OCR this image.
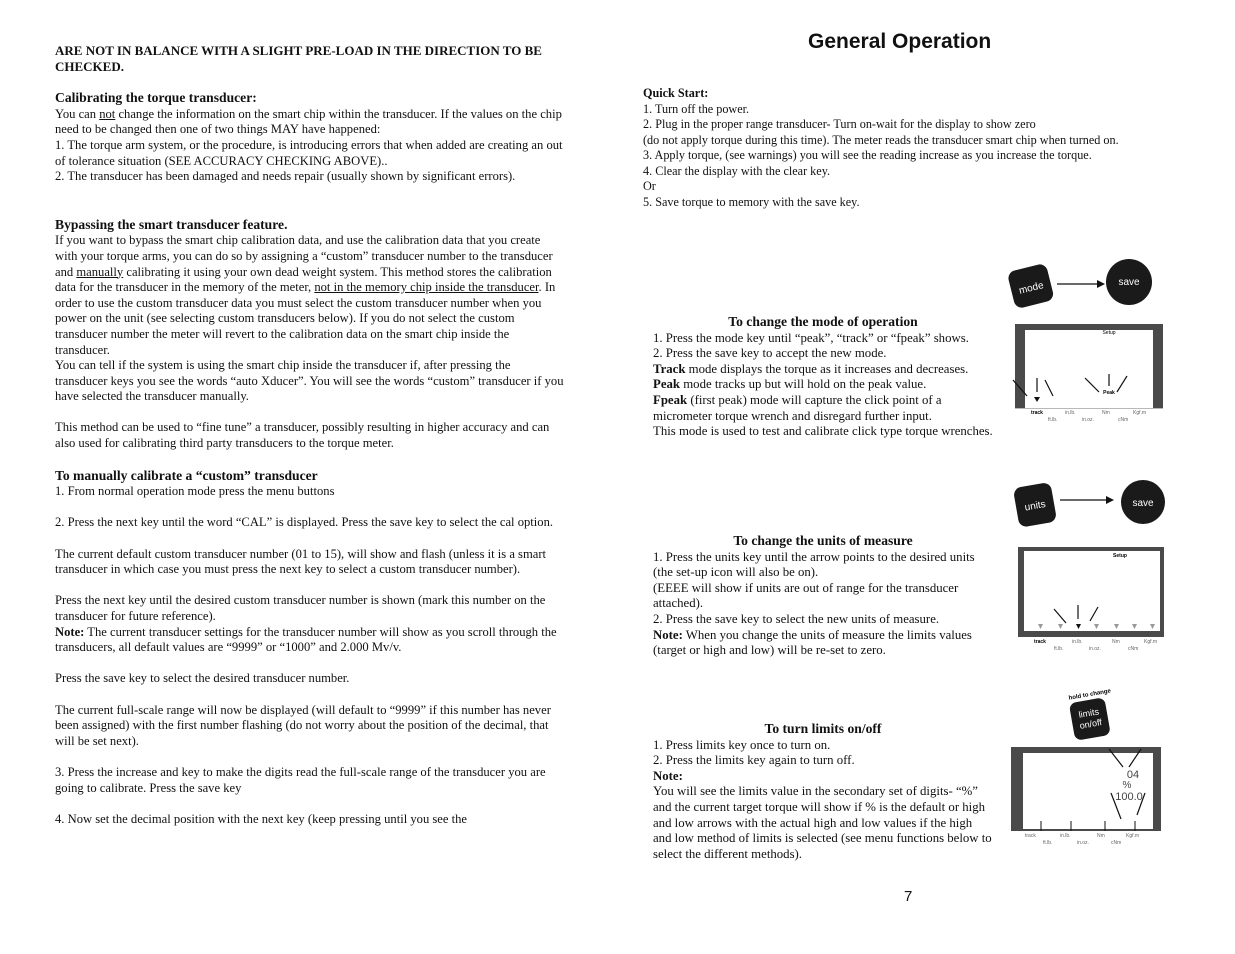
ARE NOT IN BALANCE WITH A SLIGHT PRE-LOAD IN THE DIRECTION TO BE CHECKED.

Calibrating the torque transducer:

You can not change the information on the smart chip within the transducer. If the values on the chip need to be changed then one of two things MAY have happened:

1. The torque arm system, or the procedure, is introducing errors that when added are creating an out of tolerance situation (SEE ACCURACY CHECKING ABOVE)..

2. The transducer has been damaged and needs repair (usually shown by significant errors).

Bypassing the smart transducer feature.

If you want to bypass the smart chip calibration data, and use the calibration data that you create with your torque arms, you can do so by assigning a “custom” transducer number to the transducer and manually calibrating it using your own dead weight system. This method stores the calibration data for the transducer in the memory of the meter, not in the memory chip inside the transducer. In order to use the custom transducer data you must select the custom transducer number when you power on the unit (see selecting custom transducers below). If you do not select the custom transducer number the meter will revert to the calibration data on the smart chip inside the transducer.

You can tell if the system is using the smart chip inside the transducer if, after pressing the transducer keys you see the words “auto Xducer”. You will see the words “custom” transducer if you have selected the transducer manually.

This method can be used to “fine tune” a transducer, possibly resulting in higher accuracy and can also used for calibrating third party transducers to the torque meter.

To manually calibrate a “custom” transducer

1. From normal operation mode press the menu buttons

2. Press the next key until the word “CAL” is displayed. Press the save key to select the cal option.

The current default custom transducer number (01 to 15), will show and flash (unless it is a smart transducer in which case you must press the next key to select a custom transducer number).

Press the next key until the desired custom transducer number is shown (mark this number on the transducer for future reference).

Note: The current transducer settings for the transducer number will show as you scroll through the transducers, all default values are “9999” or “1000” and 2.000 Mv/v.

Press the save key to select the desired transducer number.

The current full-scale range will now be displayed (will default to “9999” if this number has never been assigned) with the first number flashing (do not worry about the position of the decimal, that will be set next).

3. Press the increase and key to make the digits read the full-scale range of the transducer you are going to calibrate. Press the save key

4. Now set the decimal position with the next key (keep pressing until you see the

General Operation

Quick Start:

1. Turn off the power.

2. Plug in the proper range transducer- Turn on-wait for the display to show zero

(do not apply torque during this time). The meter reads the transducer smart chip when turned on.

3. Apply torque, (see warnings) you will see the reading increase as you increase the torque.

4. Clear the display with the clear key.

Or

5. Save torque to memory with the save key.

To change the mode of operation

1. Press the mode key until “peak”, “track” or “fpeak” shows.

2. Press the save key to accept the new mode.

Track mode displays the torque as it increases and decreases.

Peak mode tracks up but will hold on the peak value.

Fpeak (first peak) mode will capture the click point of a micrometer torque wrench and disregard further input.

This mode is used to test and calibrate click type torque wrenches.

To change the units of measure

1. Press the units key until the arrow points to the desired units (the set-up icon will also be on).

(EEEE will show if units are out of range for the transducer attached).

2. Press the save key to select the new units of measure.

Note: When you change the units of measure the limits values (target or high and low) will be re-set to zero.

To turn limits on/off

1. Press limits key once to turn on.

2. Press the limits key again to turn off.

Note:

You will see the limits value in the secondary set of digits- “%” and the current target torque will show if % is the default or high and low arrows with the actual high and low values if the high and low method of limits is selected (see menu functions below to select the different methods).

mode	save
Setup
Peak
track	in.lb.	Nm	Kgf.m
ft.lb.	in.oz.	cNm
units	save
Setup
track	in.lb.	Nm	Kgf.m
ft.lb.	in.oz.	cNm
hold to change
limits
on/off
04
%
100.0
track	in.lb.	Nm	Kgf.m
ft.lb.	in.oz.	cNm
7
